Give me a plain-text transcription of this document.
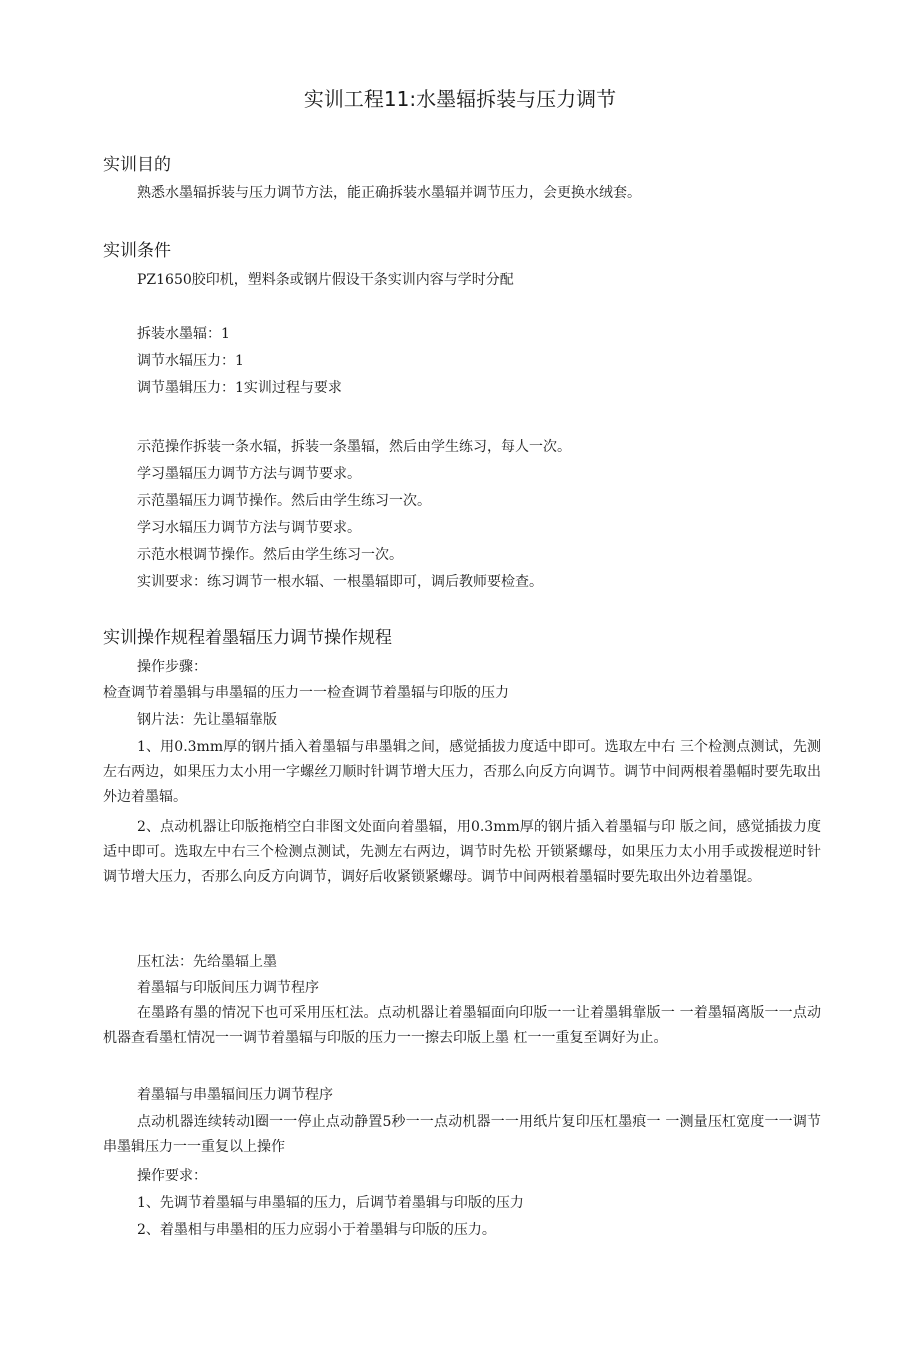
实训工程11:水墨辐拆装与压力调节
实训目的
熟悉水墨辐拆装与压力调节方法，能正确拆装水墨辐并调节压力，会更换水绒套。
实训条件
PZ1650胶印机，塑料条或钢片假设干条实训内容与学时分配
拆装水墨辐：1
调节水辐压力：1
调节墨辑压力：1实训过程与要求
示范操作拆装一条水辐，拆装一条墨辐，然后由学生练习，每人一次。
学习墨辐压力调节方法与调节要求。
示范墨辐压力调节操作。然后由学生练习一次。
学习水辐压力调节方法与调节要求。
示范水根调节操作。然后由学生练习一次。
实训要求：练习调节一根水辐、一根墨辐即可，调后教师要检查。
实训操作规程着墨辐压力调节操作规程
操作步骤：
检查调节着墨辑与串墨辐的压力一一检查调节着墨辐与印版的压力
钢片法：先让墨辐靠版
1、用0.3mm厚的钢片插入着墨辐与串墨辑之间，感觉插拔力度适中即可。选取左中右 三个检测点测试，先测左右两边，如果压力太小用一字螺丝刀顺时针调节增大压力，否那么向反方向调节。调节中间两根着墨幅时要先取出外边着墨辐。
2、点动机器让印版拖梢空白非图文处面向着墨辐，用0.3mm厚的钢片插入着墨辐与印 版之间，感觉插拔力度适中即可。选取左中右三个检测点测试，先测左右两边，调节时先松 开锁紧螺母，如果压力太小用手或拨棍逆时针调节增大压力，否那么向反方向调节，调好后收紧锁紧螺母。调节中间两根着墨辐时要先取出外边着墨馄。
压杠法：先给墨辐上墨
着墨辐与印版间压力调节程序
在墨路有墨的情况下也可采用压杠法。点动机器让着墨辐面向印版一一让着墨辑靠版一 一着墨辐离版一一点动机器查看墨杠情况一一调节着墨辐与印版的压力一一擦去印版上墨 杠一一重复至调好为止。
着墨辐与串墨辐间压力调节程序
点动机器连续转动l圈一一停止点动静置5秒一一点动机器一一用纸片复印压杠墨痕一 一测量压杠宽度一一调节串墨辑压力一一重复以上操作
操作要求：
1、先调节着墨辐与串墨辐的压力，后调节着墨辑与印版的压力
2、着墨相与串墨相的压力应弱小于着墨辑与印版的压力。
